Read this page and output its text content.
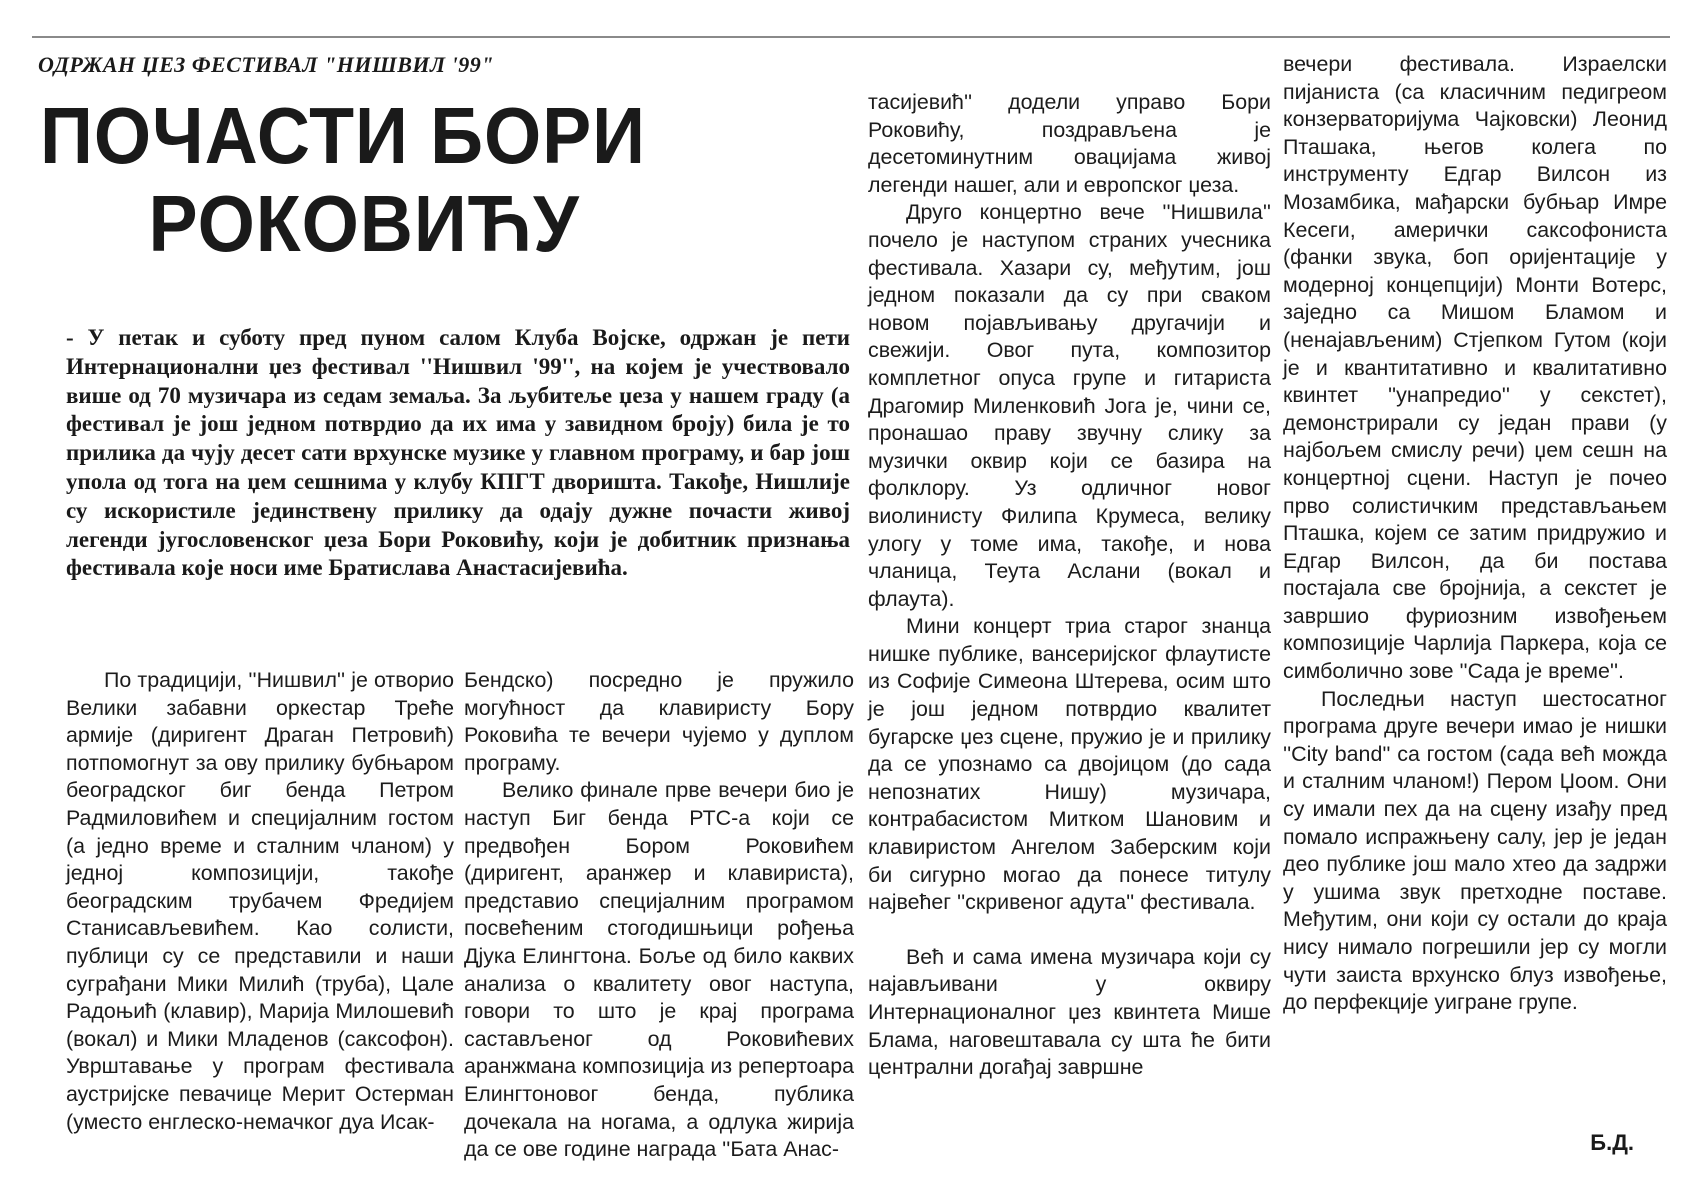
ОДРЖАН ЏЕЗ ФЕСТИВАЛ "НИШВИЛ '99"
ПОЧАСТИ БОРИ
РОКОВИЋУ
- У петак и суботу пред пуном салом Клуба Војске, одржан је пети Интернационални џез фестивал ''Нишвил '99'', на којем је учествовало више од 70 музичара из седам земаља. За љубитеље џеза у нашем граду (а фестивал је још једном потврдио да их има у завидном броју) била је то прилика да чују десет сати врхунске музике у главном програму, и бар још упола од тога на џем сешнима у клубу КПГТ дворишта. Такође, Нишлије су искористиле јединствену прилику да одају дужне почасти живој легенди југословенског џеза Бори Роковићу, који је добитник признања фестивала које носи име Братислава Анастасијевића.

По традицији, ''Нишвил'' је отворио Велики забавни оркестар Треће армије (диригент Драган Петровић) потпомогнут за ову прилику бубњаром београдског биг бенда Петром Радмиловићем и специјалним гостом (а једно време и сталним чланом) у једној композицији, такође београдским трубачем Фредијем Станисављевићем. Као солисти, публици су се представили и наши суграђани Мики Милић (труба), Цале Радоњић (клавир), Марија Милошевић (вокал) и Мики Младенов (саксофон). Уврштавање у програм фестивала аустријске певачице Мерит Остерман (уместо енглеско-немачког дуа Исак-

Бендско) посредно је пружило могућност да клавиристу Бору Роковића те вечери чујемо у дуплом програму.

Велико финале прве вечери био је наступ Биг бенда РТС-а који се предвођен Бором Роковићем (диригент, аранжер и клавириста), представио специјалним програмом посвећеним стогодишњици рођења Дјука Елингтона. Боље од било каквих анализа о квалитету овог наступа, говори то што је крај програма састављеног од Роковићевих аранжмана композиција из репертоара Елингтоновог бенда, публика дочекала на ногама, а одлука жирија да се ове године награда ''Бата Анас-

тасијевић'' додели управо Бори Роковићу, поздрављена је десетоминутним овацијама живој легенди нашег, али и европског џеза.

Друго концертно вече ''Нишвила'' почело је наступом страних учесника фестивала. Хазари су, међутим, још једном показали да су при сваком новом појављивању другачији и свежији. Овог пута, композитор комплетног опуса групе и гитариста Драгомир Миленковић Јога је, чини се, пронашао праву звучну слику за музички оквир који се базира на фолклору. Уз одличног новог виолинисту Филипа Крумеса, велику улогу у томе има, такође, и нова чланица, Теута Аслани (вокал и флаута).

Мини концерт триа старог знанца нишке публике, вансеријског флаутисте из Софије Симеона Штерева, осим што је још једном потврдио квалитет бугарске џез сцене, пружио је и прилику да се упознамо са двојицом (до сада непознатих Нишу) музичара, контрабасистом Митком Шановим и клавиристом Ангелом Заберским који би сигурно могао да понесе титулу највећег ''скривеног адута'' фестивала.

Већ и сама имена музичара који су најављивани у оквиру Интернационалног џез квинтета Мише Блама, наговештавала су шта ће бити централни догађај завршне

вечери фестивала. Израелски пијаниста (са класичним педигреом конзерваторијума Чајковски) Леонид Пташака, његов колега по инструменту Едгар Вилсон из Мозамбика, мађарски бубњар Имре Кесеги, амерички саксофониста (фанки звука, боп оријентације у модерној концепцији) Монти Вотерс, заједно са Мишом Бламом и (ненајављеним) Стјепком Гутом (који је и квантитативно и квалитативно квинтет ''унапредио'' у секстет), демонстрирали су један прави (у најбољем смислу речи) џем сешн на концертној сцени. Наступ је почео прво солистичким представљањем Пташка, којем се затим придружио и Едгар Вилсон, да би постава постајала све бројнија, а секстет је завршио фуриозним извођењем композиције Чарлија Паркера, која се симболично зове ''Сада је време''.

Последњи наступ шестосатног програма друге вечери имао је нишки ''City band'' са гостом (сада већ можда и сталним чланом!) Пером Џоом. Они су имали пех да на сцену изађу пред помало испражњену салу, јер је један део публике још мало хтео да задржи у ушима звук претходне поставе. Међутим, они који су остали до краја нису нимало погрешили јер су могли чути заиста врхунско блуз извођење, до перфекције уигране групе.

Б.Д.
